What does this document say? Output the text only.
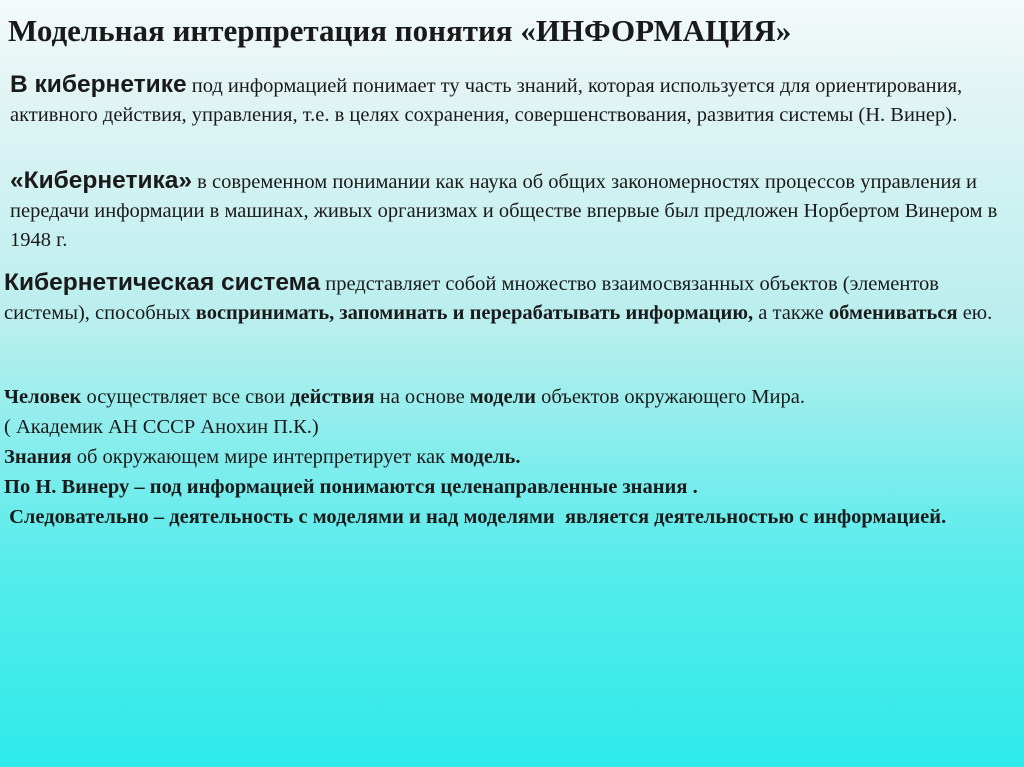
Модельная интерпретация понятия «ИНФОРМАЦИЯ»
В кибернетике под информацией понимает ту часть знаний, которая используется для ориентирования, активного действия, управления, т.е. в целях сохранения, совершенствования, развития системы (Н. Винер).
«Кибернетика» в современном понимании как наука об общих закономерностях процессов управления и передачи информации в машинах, живых организмах и обществе впервые был предложен Норбертом Винером в 1948 г.
Кибернетическая система представляет собой множество взаимосвязанных объектов (элементов системы), способных воспринимать, запоминать и перерабатывать информацию, а также обмениваться ею.

Человек осуществляет все свои действия на основе модели объектов окружающего Мира.

( Академик АН СССР Анохин П.К.)

Знания об окружающем мире интерпретирует как модель.

По Н. Винеру – под информацией понимаются целенаправленные знания .

Следовательно – деятельность с моделями и над моделями  является деятельностью с информацией.
